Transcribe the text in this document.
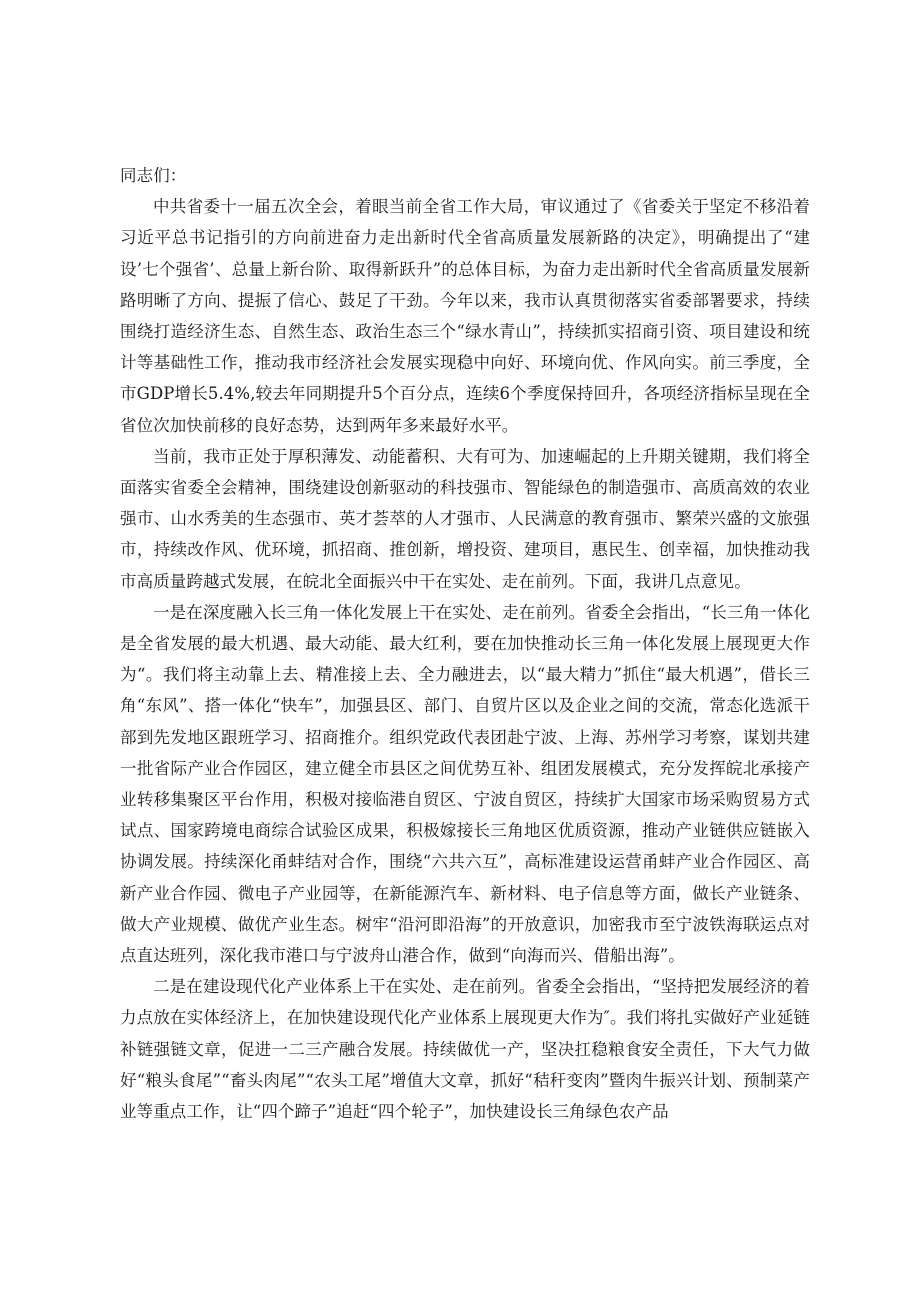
同志们：

中共省委十一届五次全会，着眼当前全省工作大局，审议通过了《省委关于坚定不移沿着习近平总书记指引的方向前进奋力走出新时代全省高质量发展新路的决定》，明确提出了“建设’七个强省’、总量上新台阶、取得新跃升”的总体目标，为奋力走出新时代全省高质量发展新路明晰了方向、提振了信心、鼓足了干劲。今年以来，我市认真贯彻落实省委部署要求，持续围绕打造经济生态、自然生态、政治生态三个“绿水青山”，持续抓实招商引资、项目建设和统计等基础性工作，推动我市经济社会发展实现稳中向好、环境向优、作风向实。前三季度，全市GDP增长5.4%,较去年同期提升5个百分点，连续6个季度保持回升，各项经济指标呈现在全省位次加快前移的良好态势，达到两年多来最好水平。

当前，我市正处于厚积薄发、动能蓄积、大有可为、加速崛起的上升期关键期，我们将全面落实省委全会精神，围绕建设创新驱动的科技强市、智能绿色的制造强市、高质高效的农业强市、山水秀美的生态强市、英才荟萃的人才强市、人民满意的教育强市、繁荣兴盛的文旅强市，持续改作风、优环境，抓招商、推创新，增投资、建项目，惠民生、创幸福，加快推动我市高质量跨越式发展，在皖北全面振兴中干在实处、走在前列。下面，我讲几点意见。

一是在深度融入长三角一体化发展上干在实处、走在前列。省委全会指出，“长三角一体化是全省发展的最大机遇、最大动能、最大红利，要在加快推动长三角一体化发展上展现更大作为“。我们将主动靠上去、精准接上去、全力融进去，以“最大精力”抓住“最大机遇”，借长三角“东风”、搭一体化“快车”，加强县区、部门、自贸片区以及企业之间的交流，常态化选派干部到先发地区跟班学习、招商推介。组织党政代表团赴宁波、上海、苏州学习考察，谋划共建一批省际产业合作园区，建立健全市县区之间优势互补、组团发展模式，充分发挥皖北承接产业转移集聚区平台作用，积极对接临港自贸区、宁波自贸区，持续扩大国家市场采购贸易方式试点、国家跨境电商综合试验区成果，积极嫁接长三角地区优质资源，推动产业链供应链嵌入协调发展。持续深化甬蚌结对合作，围绕“六共六互”，高标准建设运营甬蚌产业合作园区、高新产业合作园、微电子产业园等，在新能源汽车、新材料、电子信息等方面，做长产业链条、做大产业规模、做优产业生态。树牢“沿河即沿海”的开放意识，加密我市至宁波铁海联运点对点直达班列，深化我市港口与宁波舟山港合作，做到“向海而兴、借船出海”。

二是在建设现代化产业体系上干在实处、走在前列。省委全会指出，“坚持把发展经济的着力点放在实体经济上，在加快建设现代化产业体系上展现更大作为″。我们将扎实做好产业延链补链强链文章，促进一二三产融合发展。持续做优一产，坚决扛稳粮食安全责任，下大气力做好“粮头食尾”“畜头肉尾”“农头工尾”增值大文章，抓好“秸秆变肉”暨肉牛振兴计划、预制菜产业等重点工作，让“四个蹄子”追赶“四个轮子”，加快建设长三角绿色农产品
